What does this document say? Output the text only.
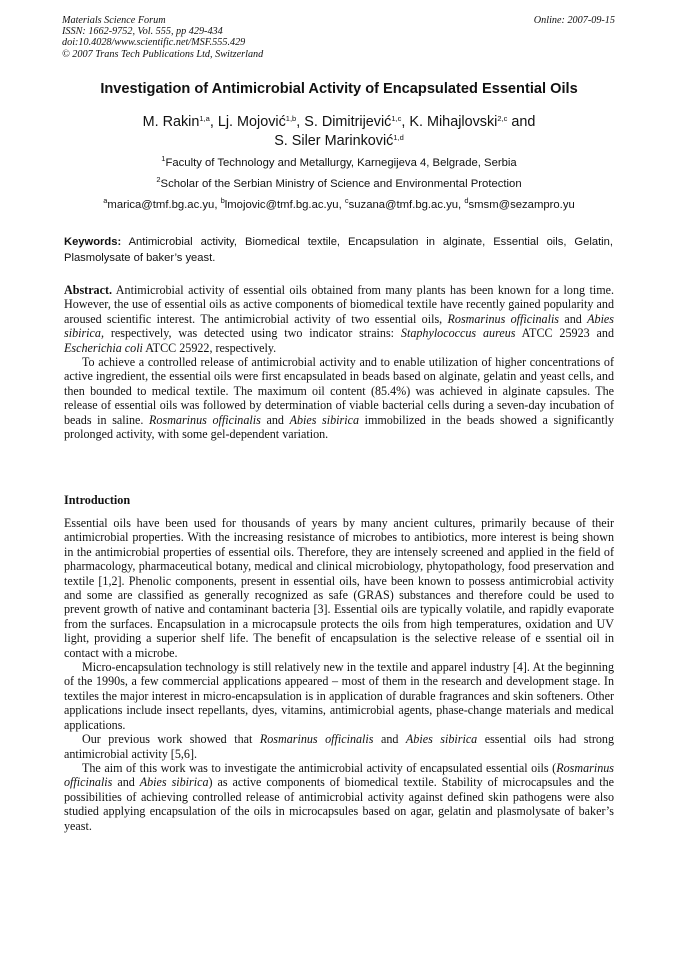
Materials Science Forum	Online: 2007-09-15
ISSN: 1662-9752, Vol. 555, pp 429-434
doi:10.4028/www.scientific.net/MSF.555.429
© 2007 Trans Tech Publications Ltd, Switzerland
Investigation of Antimicrobial Activity of Encapsulated Essential Oils
M. Rakin$^{1,a}$, Lj. Mojović$^{1,b}$, S. Dimitrijević$^{1,c}$, K. Mihajlovski$^{2,c}$ and
S. Siler Marinković$^{1,d}$
$^1$Faculty of Technology and Metallurgy, Karnegijeva 4, Belgrade, Serbia
$^2$Scholar of the Serbian Ministry of Science and Environmental Protection
$^a$marica@tmf.bg.ac.yu, $^b$lmojovic@tmf.bg.ac.yu, $^c$suzana@tmf.bg.ac.yu, $^d$smsm@sezampro.yu
Keywords: Antimicrobial activity, Biomedical textile, Encapsulation in alginate, Essential oils, Gelatin, Plasmolysate of baker’s yeast.

Abstract. Antimicrobial activity of essential oils obtained from many plants has been known for a long time. However, the use of essential oils as active components of biomedical textile have recently gained popularity and aroused scientific interest. The antimicrobial activity of two essential oils, Rosmarinus officinalis and Abies sibirica, respectively, was detected using two indicator strains: Staphylococcus aureus ATCC 25923 and Escherichia coli ATCC 25922, respectively.

To achieve a controlled release of antimicrobial activity and to enable utilization of higher concentrations of active ingredient, the essential oils were first encapsulated in beads based on alginate, gelatin and yeast cells, and then bounded to medical textile. The maximum oil content (85.4%) was achieved in alginate capsules. The release of essential oils was followed by determination of viable bacterial cells during a seven-day incubation of beads in saline. Rosmarinus officinalis and Abies sibirica immobilized in the beads showed a significantly prolonged activity, with some gel-dependent variation.

Introduction

Essential oils have been used for thousands of years by many ancient cultures, primarily because of their antimicrobial properties. With the increasing resistance of microbes to antibiotics, more interest is being shown in the antimicrobial properties of essential oils. Therefore, they are intensely screened and applied in the field of pharmacology, pharmaceutical botany, medical and clinical microbiology, phytopathology, food preservation and textile [1,2]. Phenolic components, present in essential oils, have been known to possess antimicrobial activity and some are classified as generally recognized as safe (GRAS) substances and therefore could be used to prevent growth of native and contaminant bacteria [3]. Essential oils are typically volatile, and rapidly evaporate from the surfaces. Encapsulation in a microcapsule protects the oils from high temperatures, oxidation and UV light, providing a superior shelf life. The benefit of encapsulation is the selective release of e ssential oil in contact with a microbe.

Micro-encapsulation technology is still relatively new in the textile and apparel industry [4]. At the beginning of the 1990s, a few commercial applications appeared – most of them in the research and development stage. In textiles the major interest in micro-encapsulation is in application of durable fragrances and skin softeners. Other applications include insect repellants, dyes, vitamins, antimicrobial agents, phase-change materials and medical applications.

Our previous work showed that Rosmarinus officinalis and Abies sibirica essential oils had strong antimicrobial activity [5,6].

The aim of this work was to investigate the antimicrobial activity of encapsulated essential oils (Rosmarinus officinalis and Abies sibirica) as active components of biomedical textile. Stability of microcapsules and the possibilities of achieving controlled release of antimicrobial activity against defined skin pathogens were also studied applying encapsulation of the oils in microcapsules based on agar, gelatin and plasmolysate of baker’s yeast.
